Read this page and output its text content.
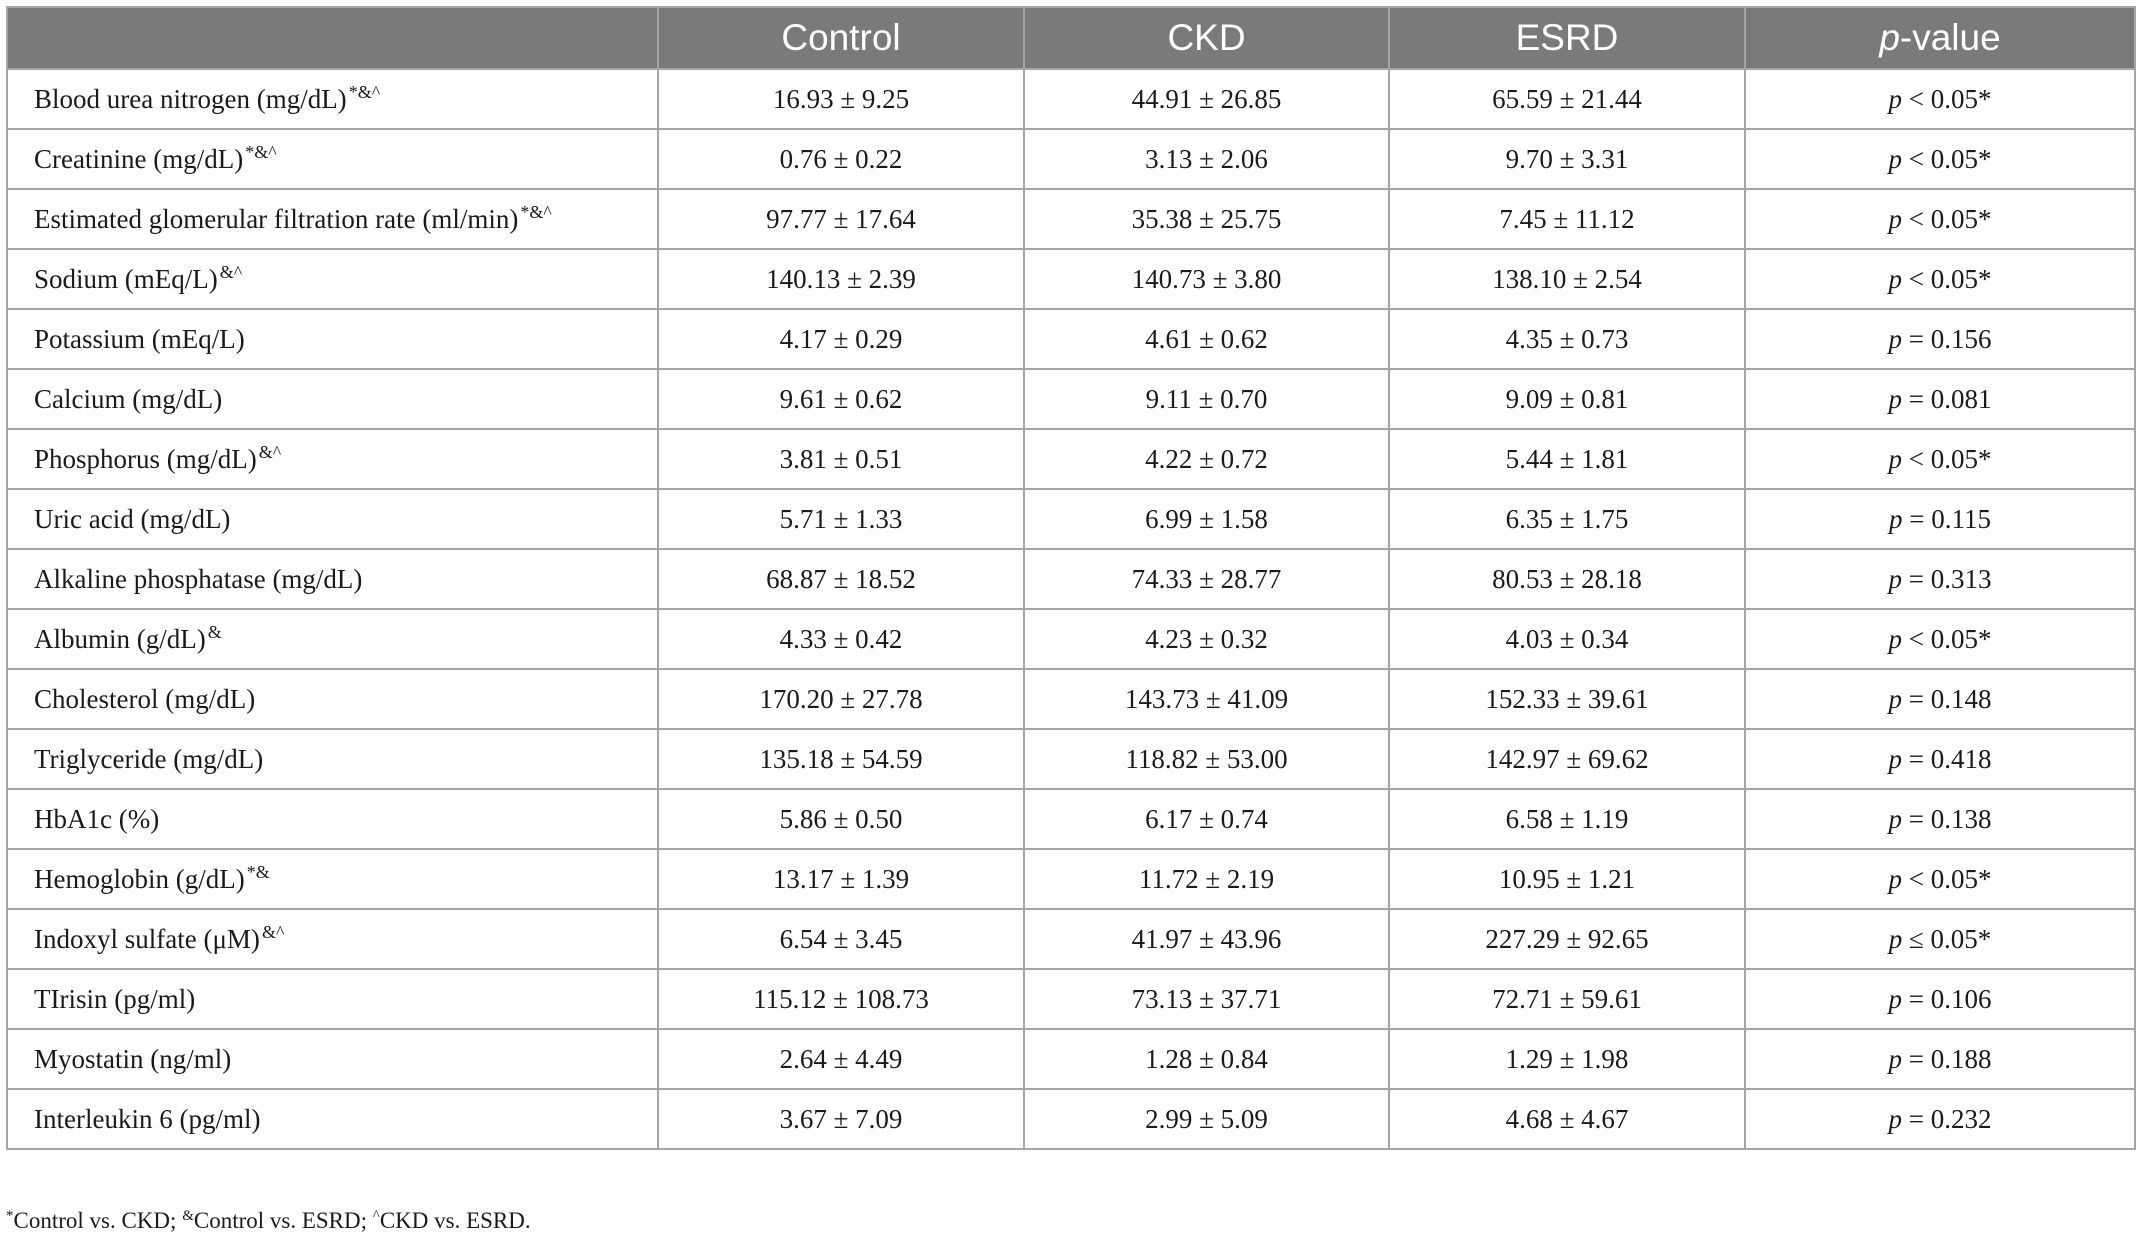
	Control	CKD	ESRD	p-value
Blood urea nitrogen (mg/dL) *&^	16.93 ± 9.25	44.91 ± 26.85	65.59 ± 21.44	p < 0.05*
Creatinine (mg/dL) *&^	0.76 ± 0.22	3.13 ± 2.06	9.70 ± 3.31	p < 0.05*
Estimated glomerular filtration rate (ml/min) *&^	97.77 ± 17.64	35.38 ± 25.75	7.45 ± 11.12	p < 0.05*
Sodium (mEq/L) &^	140.13 ± 2.39	140.73 ± 3.80	138.10 ± 2.54	p < 0.05*
Potassium (mEq/L)	4.17 ± 0.29	4.61 ± 0.62	4.35 ± 0.73	p = 0.156
Calcium (mg/dL)	9.61 ± 0.62	9.11 ± 0.70	9.09 ± 0.81	p = 0.081
Phosphorus (mg/dL) &^	3.81 ± 0.51	4.22 ± 0.72	5.44 ± 1.81	p < 0.05*
Uric acid (mg/dL)	5.71 ± 1.33	6.99 ± 1.58	6.35 ± 1.75	p = 0.115
Alkaline phosphatase (mg/dL)	68.87 ± 18.52	74.33 ± 28.77	80.53 ± 28.18	p = 0.313
Albumin (g/dL) &	4.33 ± 0.42	4.23 ± 0.32	4.03 ± 0.34	p < 0.05*
Cholesterol (mg/dL)	170.20 ± 27.78	143.73 ± 41.09	152.33 ± 39.61	p = 0.148
Triglyceride (mg/dL)	135.18 ± 54.59	118.82 ± 53.00	142.97 ± 69.62	p = 0.418
HbA1c (%)	5.86 ± 0.50	6.17 ± 0.74	6.58 ± 1.19	p = 0.138
Hemoglobin (g/dL) *&	13.17 ± 1.39	11.72 ± 2.19	10.95 ± 1.21	p < 0.05*
Indoxyl sulfate (μM) &^	6.54 ± 3.45	41.97 ± 43.96	227.29 ± 92.65	p ≤ 0.05*
TIrisin (pg/ml)	115.12 ± 108.73	73.13 ± 37.71	72.71 ± 59.61	p = 0.106
Myostatin (ng/ml)	2.64 ± 4.49	1.28 ± 0.84	1.29 ± 1.98	p = 0.188
Interleukin 6 (pg/ml)	3.67 ± 7.09	2.99 ± 5.09	4.68 ± 4.67	p = 0.232
*Control vs. CKD; &Control vs. ESRD; ^CKD vs. ESRD.
